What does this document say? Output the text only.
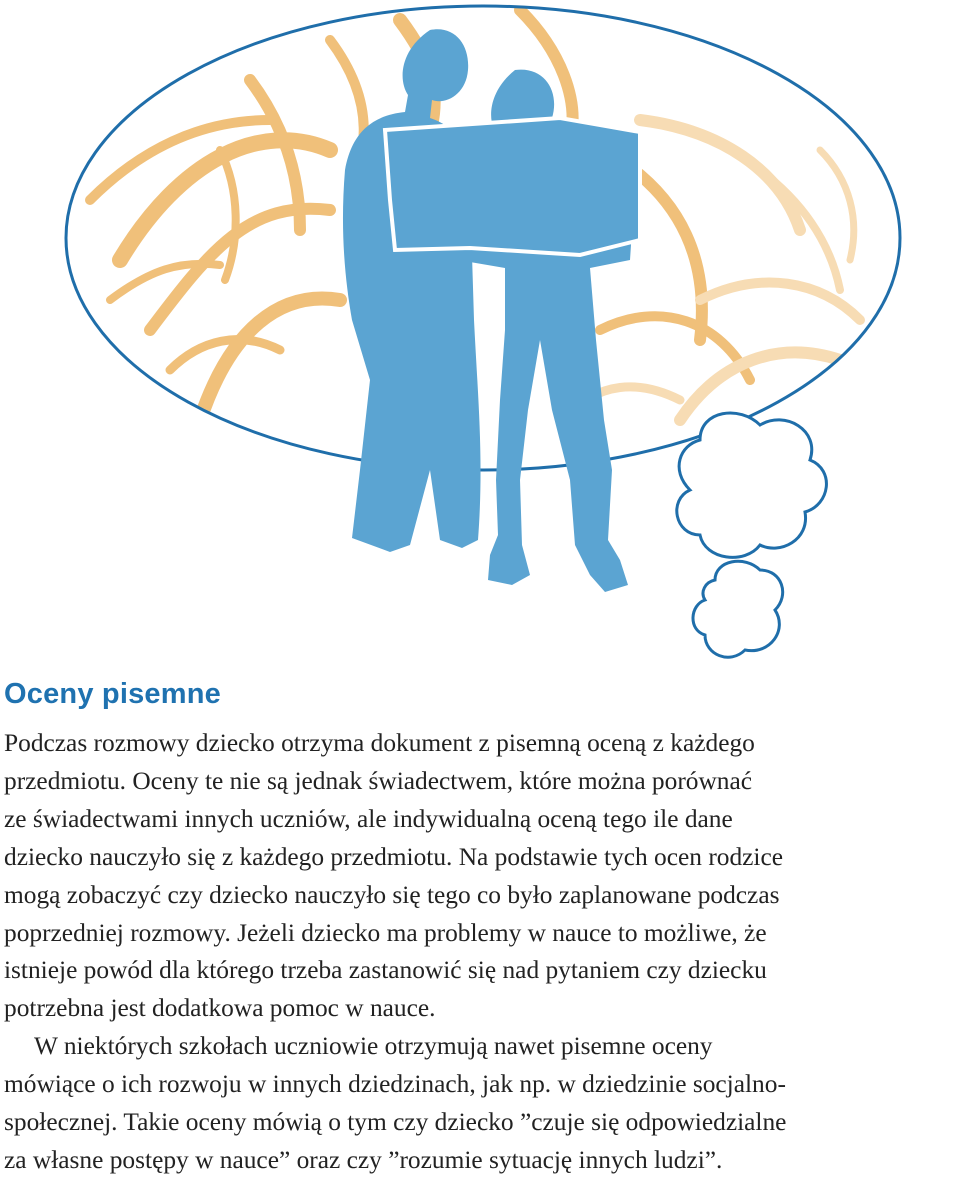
Oceny pisemne

Podczas rozmowy dziecko otrzyma dokument z pisemną oceną z każdego
przedmiotu. Oceny te nie są jednak świadectwem, które można porównać
ze świadectwami innych uczniów, ale indywidualną oceną tego ile dane
dziecko nauczyło się z każdego przedmiotu. Na podstawie tych ocen rodzice
mogą zobaczyć czy dziecko nauczyło się tego co było zaplanowane podczas
poprzedniej rozmowy. Jeżeli dziecko ma problemy w nauce to możliwe, że
istnieje powód dla którego trzeba zastanowić się nad pytaniem czy dziecku
potrzebna jest dodatkowa pomoc w nauce.

W niektórych szkołach uczniowie otrzymują nawet pisemne oceny
mówiące o ich rozwoju w innych dziedzinach, jak np. w dziedzinie socjalno-
społecznej. Takie oceny mówią o tym czy dziecko ”czuje się odpowiedzialne
za własne postępy w nauce” oraz czy ”rozumie sytuację innych ludzi”.
